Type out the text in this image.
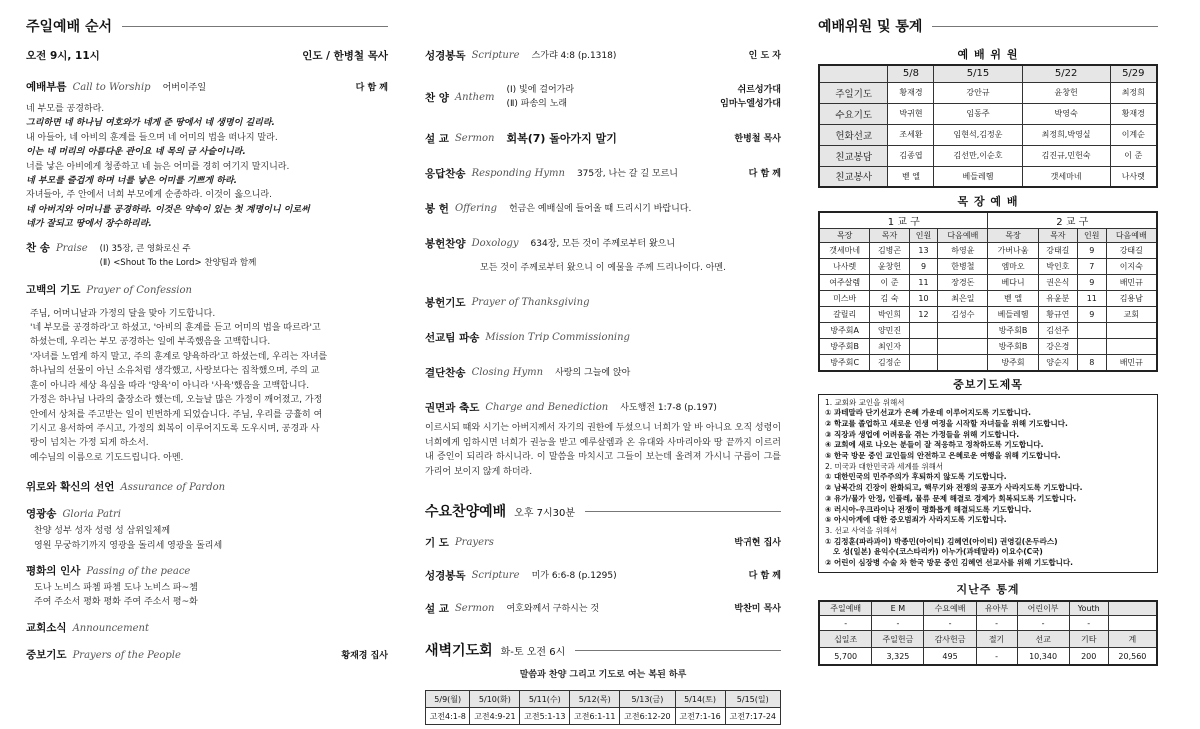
주일예배 순서
오전 9시, 11시	인도 / 한병철 목사
예배부름 Call to Worship	어버이주일	다 함 께
네 부모를 공경하라.
그리하면 네 하나님 여호와가 네게 준 땅에서 네 생명이 길리라.
내 아들아, 네 아비의 훈계를 들으며 네 어미의 법을 떠나지 말라.
이는 네 머리의 아름다운 관이요 네 목의 금 사슬이니라.
너를 낳은 아비에게 청종하고 네 늙은 어미를 경히 여기지 말지니라.
네 부모를 즐겁게 하며 너를 낳은 어미를 기쁘게 하라.
자녀들아, 주 안에서 너희 부모에게 순종하라. 이것이 옳으니라.
네 아버지와 어머니를 공경하라. 이것은 약속이 있는 첫 계명이니 이로써
네가 잘되고 땅에서 장수하리라.
찬 송 Praise (Ⅰ) 35장, 큰 영화로신 주
(Ⅱ) <Shout To the Lord> 찬양팀과 함께
고백의 기도 Prayer of Confession
주님, 어머니날과 가정의 달을 맞아 기도합니다.
'네 부모를 공경하라'고 하셨고, '아비의 훈계를 듣고 어미의 법을 따르라'고
하셨는데, 우리는 부모 공경하는 일에 부족했음을 고백합니다.
'자녀를 노엽게 하지 말고, 주의 훈계로 양육하라'고 하셨는데, 우리는 자녀를
하나님의 선물이 아닌 소유처럼 생각했고, 사랑보다는 집착했으며, 주의 교
훈이 아니라 세상 욕심을 따라 '양육'이 아니라 '사육'했음을 고백합니다.
가정은 하나님 나라의 출장소라 했는데, 오늘날 많은 가정이 깨어졌고, 가정
안에서 상처를 주고받는 일이 빈번하게 되었습니다. 주님, 우리를 긍휼히 여
기시고 용서하여 주시고, 가정의 회복이 이루어지도록 도우시며, 공경과 사
랑이 넘치는 가정 되게 하소서.
예수님의 이름으로 기도드립니다. 아멘.
위로와 확신의 선언 Assurance of Pardon
영광송 Gloria Patri
찬양 성부 성자 성령 성 삼위일체께
영원 무궁하기까지 영광을 돌리세 영광을 돌리세
평화의 인사 Passing of the peace
도나 노비스 파쳄 파쳄 도나 노비스 파~쳄
주여 주소서 평화 평화 주여 주소서 평~화
교회소식 Announcement
중보기도 Prayers of the People	황재경 집사
성경봉독 Scripture	스가랴 4:8 (p.1318)	인 도 자
찬 양 Anthem
(Ⅰ) 빛에 걸어가라
(Ⅱ) 파송의 노래
쉬르성가대
임마누엘성가대
설 교 Sermon	회복(7) 돌아가지 말기	한병철 목사
응답찬송 Responding Hymn	375장, 나는 갈 길 모르니	다 함 께
봉 헌 Offering	헌금은 예배실에 들어올 때 드리시기 바랍니다.
봉헌찬양 Doxology	634장, 모든 것이 주께로부터 왔으니
모든 것이 주께로부터 왔으니 이 예물을 주께 드리나이다. 아멘.
봉헌기도 Prayer of Thanksgiving
선교팀 파송 Mission Trip Commissioning
결단찬송 Closing Hymn	사랑의 그늘에 앉아
권면과 축도 Charge and Benediction	사도행전 1:7-8 (p.197)
이르시되 때와 시기는 아버지께서 자기의 권한에 두셨으니 너희가 알 바 아니요 오직 성령이 너희에게 임하시면 너희가 권능을 받고 예루살렘과 온 유대와 사마리아와 땅 끝까지 이르러 내 증인이 되리라 하시니라. 이 말씀을 마치시고 그들이 보는데 올려져 가시니 구름이 그를 가리어 보이지 않게 하더라.
수요찬양예배 오후 7시30분
기 도 Prayers	박귀현 집사
성경봉독 Scripture	미가 6:6-8 (p.1295)	다 함 께
설 교 Sermon	여호와께서 구하시는 것	박찬미 목사
새벽기도회 화-토 오전 6시
말씀과 찬양 그리고 기도로 여는 복된 하루
5/9(월)	5/10(화)	5/11(수)	5/12(목)	5/13(금)	5/14(토)	5/15(일)
고전4:1-8	고전4:9-21	고전5:1-13	고전6:1-11	고전6:12-20	고전7:1-16	고전7:17-24
예배위원 및 통계
예 배 위 원
	5/8	5/15	5/22	5/29
주일기도	황재경	강안규	윤창헌	최정희
수요기도	박귀현	임동주	박영숙	황재경
헌화선교	조세환	임현석,김정운	최정희,박영실	이계순
친교봉담	김종엽	김선만,이순호	김진규,민헌숙	이 준
친교봉사	벧 엘	베들레헴	갯세마네	나사렛
목 장 예 배
1 교 구				2 교 구			
목장	목자	인원	다음예배	목장	목자	인원	다음예배
갯세마네	김병곤	13	하영윤	가버나움	강태길	9	강태길
나사렛	윤창헌	9	한병철	엠마오	박인호	7	이지숙
여주살렘	이 준	11	장경돈	베다니	권은식	9	배민규
미스바	김 숙	10	최은일	벧 엘	유윤분	11	김용남
갈릴리	박인희	12	김성수	베들레헴	황규연	9	교회
방주회A	양민진			방주회B	김선주		
방주회B	최인자			방주회B	강은경		
방주회C	김정순			방주회	양순지	8	배민규
중보기도제목
1. 교회와 교인을 위해서
① 과테말라 단기선교가 은혜 가운데 이루어지도록 기도합니다.
② 학교를 졸업하고 새로운 인생 여정을 시작할 자녀들을 위해 기도합니다.
③ 직장과 생업에 어려움을 겪는 가정들을 위해 기도합니다.
④ 교회에 새로 나오는 분들이 잘 적응하고 정착하도록 기도합니다.
⑤ 한국 방문 중인 교인들의 안전하고 은혜로운 여행을 위해 기도합니다.
2. 미국과 대한민국과 세계를 위해서
① 대한민국의 민주주의가 후퇴하지 않도록 기도합니다.
② 남북간의 긴장이 완화되고, 핵무기와 전쟁의 공포가 사라지도록 기도합니다.
③ 유가/물가 안정, 인플레, 물류 문제 해결로 경제가 회복되도록 기도합니다.
④ 러시아-우크라이나 전쟁이 평화롭게 해결되도록 기도합니다.
⑤ 아시아계에 대한 증오범죄가 사라지도록 기도합니다.
3. 선교 사역을 위해서
① 김정훈(파라과이) 박종민(아이티) 김혜연(아이티) 권영길(온두라스)
오 성(일본) 윤익수(코스타리카) 이누가(과테말라) 이요수(C국)
② 어린이 심장병 수술 차 한국 방문 중인 김혜연 선교사를 위해 기도합니다.
지난주 통계
주일예배	E M	수요예배	유아부	어린이부	Youth	
-	-	-	-	-	-	
십일조	주일헌금	감사헌금	절기	선교	기타	계
5,700	3,325	495	-	10,340	200	20,560
